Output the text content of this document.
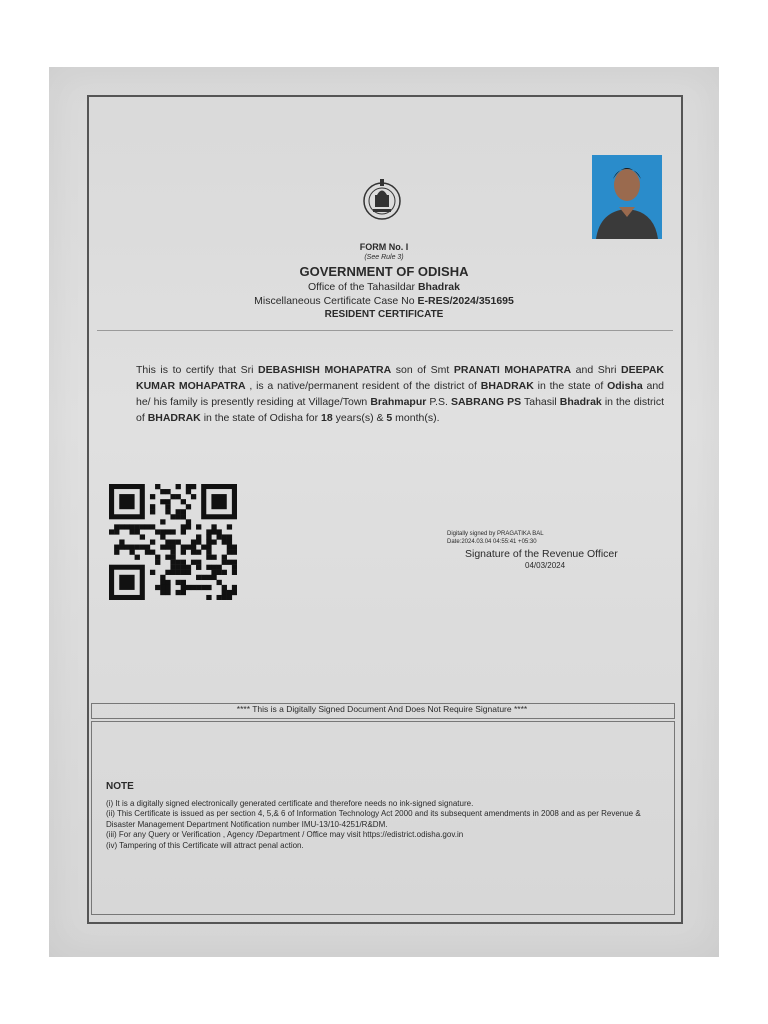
FORM No. I
(See Rule 3)
GOVERNMENT OF ODISHA
Office of the Tahasildar Bhadrak
Miscellaneous Certificate Case No E-RES/2024/351695
RESIDENT CERTIFICATE
This is to certify that Sri DEBASHISH MOHAPATRA son of Smt PRANATI MOHAPATRA and Shri DEEPAK KUMAR MOHAPATRA , is a native/permanent resident of the district of BHADRAK in the state of Odisha and he/ his family is presently residing at Village/Town Brahmapur P.S. SABRANG PS Tahasil Bhadrak in the district of BHADRAK in the state of Odisha for 18 years(s) & 5 month(s).
Digitally signed by PRAGATIKA BAL
Date:2024.03.04 04:55:41 +05:30
Signature of the Revenue Officer
04/03/2024
**** This is a Digitally Signed Document And Does Not Require Signature ****
NOTE
(i) It is a digitally signed electronically generated certificate and therefore needs no ink-signed signature.
(ii) This Certificate is issued as per section 4, 5,& 6 of Information Technology Act 2000 and its subsequent amendments in 2008 and as per Revenue & Disaster Management Department Notification number IMU-13/10-4251/R&DM.
(iii) For any Query or Verification , Agency /Department / Office may visit https://edistrict.odisha.gov.in
(iv) Tampering of this Certificate will attract penal action.
